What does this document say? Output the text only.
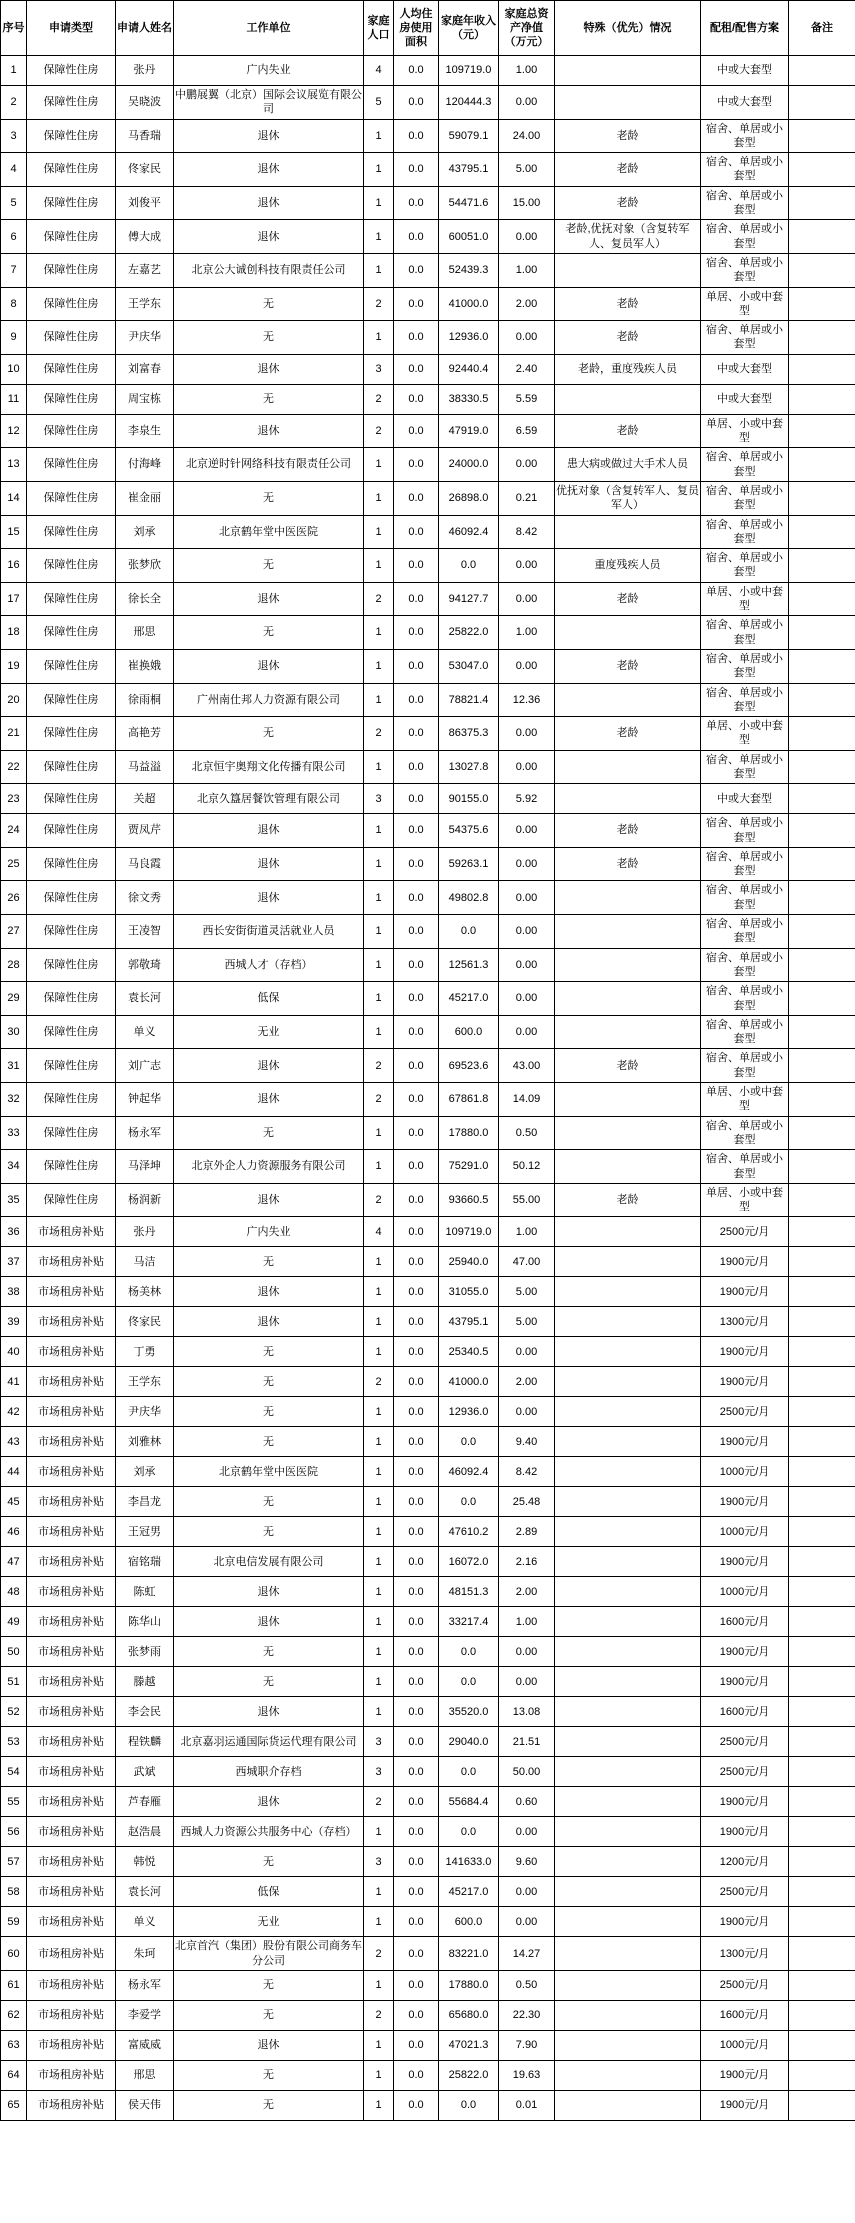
序号	申请类型	申请人姓名	工作单位	家庭人口	人均住房使用面积	家庭年收入（元）	家庭总资产净值（万元）	特殊（优先）情况	配租/配售方案	备注
1	保障性住房	张丹	广内失业	4	0.0	109719.0	1.00		中或大套型	
2	保障性住房	吴晓波	中鹏展翼（北京）国际会议展览有限公司	5	0.0	120444.3	0.00		中或大套型	
3	保障性住房	马香瑞	退休	1	0.0	59079.1	24.00	老龄	宿舍、单居或小套型	
4	保障性住房	佟家民	退休	1	0.0	43795.1	5.00	老龄	宿舍、单居或小套型	
5	保障性住房	刘俊平	退休	1	0.0	54471.6	15.00	老龄	宿舍、单居或小套型	
6	保障性住房	傅大成	退休	1	0.0	60051.0	0.00	老龄,优抚对象（含复转军人、复员军人）	宿舍、单居或小套型	
7	保障性住房	左嘉艺	北京公大诚创科技有限责任公司	1	0.0	52439.3	1.00		宿舍、单居或小套型	
8	保障性住房	王学东	无	2	0.0	41000.0	2.00	老龄	单居、小或中套型	
9	保障性住房	尹庆华	无	1	0.0	12936.0	0.00	老龄	宿舍、单居或小套型	
10	保障性住房	刘富春	退休	3	0.0	92440.4	2.40	老龄，重度残疾人员	中或大套型	
11	保障性住房	周宝栋	无	2	0.0	38330.5	5.59		中或大套型	
12	保障性住房	李泉生	退休	2	0.0	47919.0	6.59	老龄	单居、小或中套型	
13	保障性住房	付海峰	北京逆时针网络科技有限责任公司	1	0.0	24000.0	0.00	患大病或做过大手术人员	宿舍、单居或小套型	
14	保障性住房	崔金丽	无	1	0.0	26898.0	0.21	优抚对象（含复转军人、复员军人）	宿舍、单居或小套型	
15	保障性住房	刘承	北京鹤年堂中医医院	1	0.0	46092.4	8.42		宿舍、单居或小套型	
16	保障性住房	张梦欣	无	1	0.0	0.0	0.00	重度残疾人员	宿舍、单居或小套型	
17	保障性住房	徐长全	退休	2	0.0	94127.7	0.00	老龄	单居、小或中套型	
18	保障性住房	邢思	无	1	0.0	25822.0	1.00		宿舍、单居或小套型	
19	保障性住房	崔换娥	退休	1	0.0	53047.0	0.00	老龄	宿舍、单居或小套型	
20	保障性住房	徐雨桐	广州南仕邦人力资源有限公司	1	0.0	78821.4	12.36		宿舍、单居或小套型	
21	保障性住房	高艳芳	无	2	0.0	86375.3	0.00	老龄	单居、小或中套型	
22	保障性住房	马益溢	北京恒宇奥翔文化传播有限公司	1	0.0	13027.8	0.00		宿舍、单居或小套型	
23	保障性住房	关超	北京久簋居餐饮管理有限公司	3	0.0	90155.0	5.92		中或大套型	
24	保障性住房	贾凤芹	退休	1	0.0	54375.6	0.00	老龄	宿舍、单居或小套型	
25	保障性住房	马良霞	退休	1	0.0	59263.1	0.00	老龄	宿舍、单居或小套型	
26	保障性住房	徐文秀	退休	1	0.0	49802.8	0.00		宿舍、单居或小套型	
27	保障性住房	王凌智	西长安街街道灵活就业人员	1	0.0	0.0	0.00		宿舍、单居或小套型	
28	保障性住房	郭敬琦	西城人才（存档）	1	0.0	12561.3	0.00		宿舍、单居或小套型	
29	保障性住房	袁长河	低保	1	0.0	45217.0	0.00		宿舍、单居或小套型	
30	保障性住房	单义	无业	1	0.0	600.0	0.00		宿舍、单居或小套型	
31	保障性住房	刘广志	退休	2	0.0	69523.6	43.00	老龄	宿舍、单居或小套型	
32	保障性住房	钟起华	退休	2	0.0	67861.8	14.09		单居、小或中套型	
33	保障性住房	杨永军	无	1	0.0	17880.0	0.50		宿舍、单居或小套型	
34	保障性住房	马泽坤	北京外企人力资源服务有限公司	1	0.0	75291.0	50.12		宿舍、单居或小套型	
35	保障性住房	杨润新	退休	2	0.0	93660.5	55.00	老龄	单居、小或中套型	
36	市场租房补贴	张丹	广内失业	4	0.0	109719.0	1.00		2500元/月	
37	市场租房补贴	马洁	无	1	0.0	25940.0	47.00		1900元/月	
38	市场租房补贴	杨美林	退休	1	0.0	31055.0	5.00		1900元/月	
39	市场租房补贴	佟家民	退休	1	0.0	43795.1	5.00		1300元/月	
40	市场租房补贴	丁勇	无	1	0.0	25340.5	0.00		1900元/月	
41	市场租房补贴	王学东	无	2	0.0	41000.0	2.00		1900元/月	
42	市场租房补贴	尹庆华	无	1	0.0	12936.0	0.00		2500元/月	
43	市场租房补贴	刘雅林	无	1	0.0	0.0	9.40		1900元/月	
44	市场租房补贴	刘承	北京鹤年堂中医医院	1	0.0	46092.4	8.42		1000元/月	
45	市场租房补贴	李昌龙	无	1	0.0	0.0	25.48		1900元/月	
46	市场租房补贴	王冠男	无	1	0.0	47610.2	2.89		1000元/月	
47	市场租房补贴	宿铭瑞	北京电信发展有限公司	1	0.0	16072.0	2.16		1900元/月	
48	市场租房补贴	陈虹	退休	1	0.0	48151.3	2.00		1000元/月	
49	市场租房补贴	陈华山	退休	1	0.0	33217.4	1.00		1600元/月	
50	市场租房补贴	张梦雨	无	1	0.0	0.0	0.00		1900元/月	
51	市场租房补贴	滕越	无	1	0.0	0.0	0.00		1900元/月	
52	市场租房补贴	李会民	退休	1	0.0	35520.0	13.08		1600元/月	
53	市场租房补贴	程铁麟	北京嘉羽运通国际货运代理有限公司	3	0.0	29040.0	21.51		2500元/月	
54	市场租房补贴	武斌	西城职介存档	3	0.0	0.0	50.00		2500元/月	
55	市场租房补贴	芦春雁	退休	2	0.0	55684.4	0.60		1900元/月	
56	市场租房补贴	赵浩晨	西城人力资源公共服务中心（存档）	1	0.0	0.0	0.00		1900元/月	
57	市场租房补贴	韩悦	无	3	0.0	141633.0	9.60		1200元/月	
58	市场租房补贴	袁长河	低保	1	0.0	45217.0	0.00		2500元/月	
59	市场租房补贴	单义	无业	1	0.0	600.0	0.00		1900元/月	
60	市场租房补贴	朱珂	北京首汽（集团）股份有限公司商务车分公司	2	0.0	83221.0	14.27		1300元/月	
61	市场租房补贴	杨永军	无	1	0.0	17880.0	0.50		2500元/月	
62	市场租房补贴	李爱学	无	2	0.0	65680.0	22.30		1600元/月	
63	市场租房补贴	富威威	退休	1	0.0	47021.3	7.90		1000元/月	
64	市场租房补贴	邢思	无	1	0.0	25822.0	19.63		1900元/月	
65	市场租房补贴	侯天伟	无	1	0.0	0.0	0.01		1900元/月	
